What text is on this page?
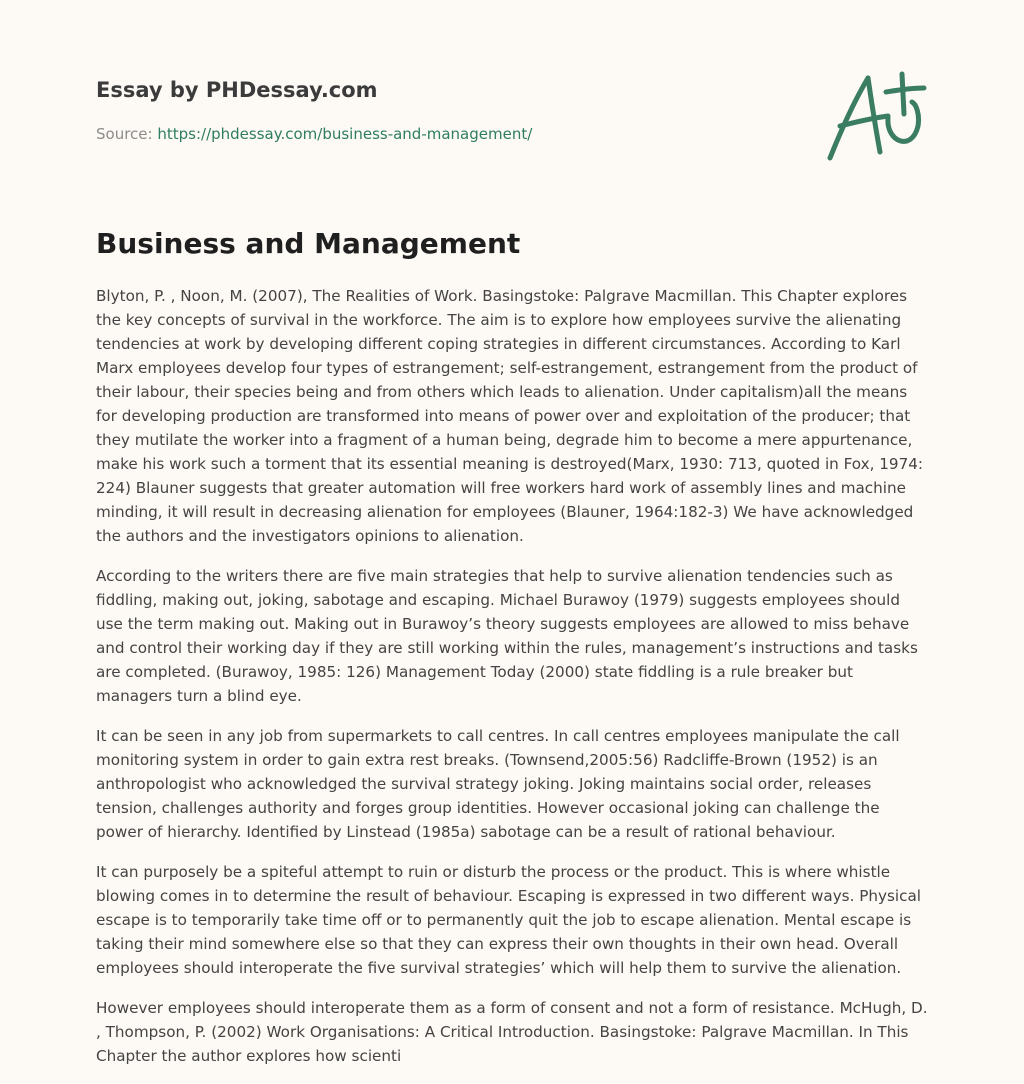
Essay by PHDessay.com
Source: https://phdessay.com/business-and-management/
Business and Management

Blyton, P. , Noon, M. (2007), The Realities of Work. Basingstoke: Palgrave Macmillan. This Chapter explores the key concepts of survival in the workforce. The aim is to explore how employees survive the alienating tendencies at work by developing different coping strategies in different circumstances. According to Karl Marx employees develop four types of estrangement; self-estrangement, estrangement from the product of their labour, their species being and from others which leads to alienation. Under capitalism)all the means for developing production are transformed into means of power over and exploitation of the producer; that they mutilate the worker into a fragment of a human being, degrade him to become a mere appurtenance, make his work such a torment that its essential meaning is destroyed(Marx, 1930: 713, quoted in Fox, 1974: 224) Blauner suggests that greater automation will free workers hard work of assembly lines and machine minding, it will result in decreasing alienation for employees (Blauner, 1964:182-3) We have acknowledged the authors and the investigators opinions to alienation.

According to the writers there are five main strategies that help to survive alienation tendencies such as fiddling, making out, joking, sabotage and escaping. Michael Burawoy (1979) suggests employees should use the term making out. Making out in Burawoy’s theory suggests employees are allowed to miss behave and control their working day if they are still working within the rules, management’s instructions and tasks are completed. (Burawoy, 1985: 126) Management Today (2000) state fiddling is a rule breaker but managers turn a blind eye.

It can be seen in any job from supermarkets to call centres. In call centres employees manipulate the call monitoring system in order to gain extra rest breaks. (Townsend,2005:56) Radcliffe-Brown (1952) is an anthropologist who acknowledged the survival strategy joking. Joking maintains social order, releases tension, challenges authority and forges group identities. However occasional joking can challenge the power of hierarchy. Identified by Linstead (1985a) sabotage can be a result of rational behaviour.

It can purposely be a spiteful attempt to ruin or disturb the process or the product. This is where whistle blowing comes in to determine the result of behaviour. Escaping is expressed in two different ways. Physical escape is to temporarily take time off or to permanently quit the job to escape alienation. Mental escape is taking their mind somewhere else so that they can express their own thoughts in their own head. Overall employees should interoperate the five survival strategies’ which will help them to survive the alienation.

However employees should interoperate them as a form of consent and not a form of resistance. McHugh, D. , Thompson, P. (2002) Work Organisations: A Critical Introduction. Basingstoke: Palgrave Macmillan. In This Chapter the author explores how scienti
